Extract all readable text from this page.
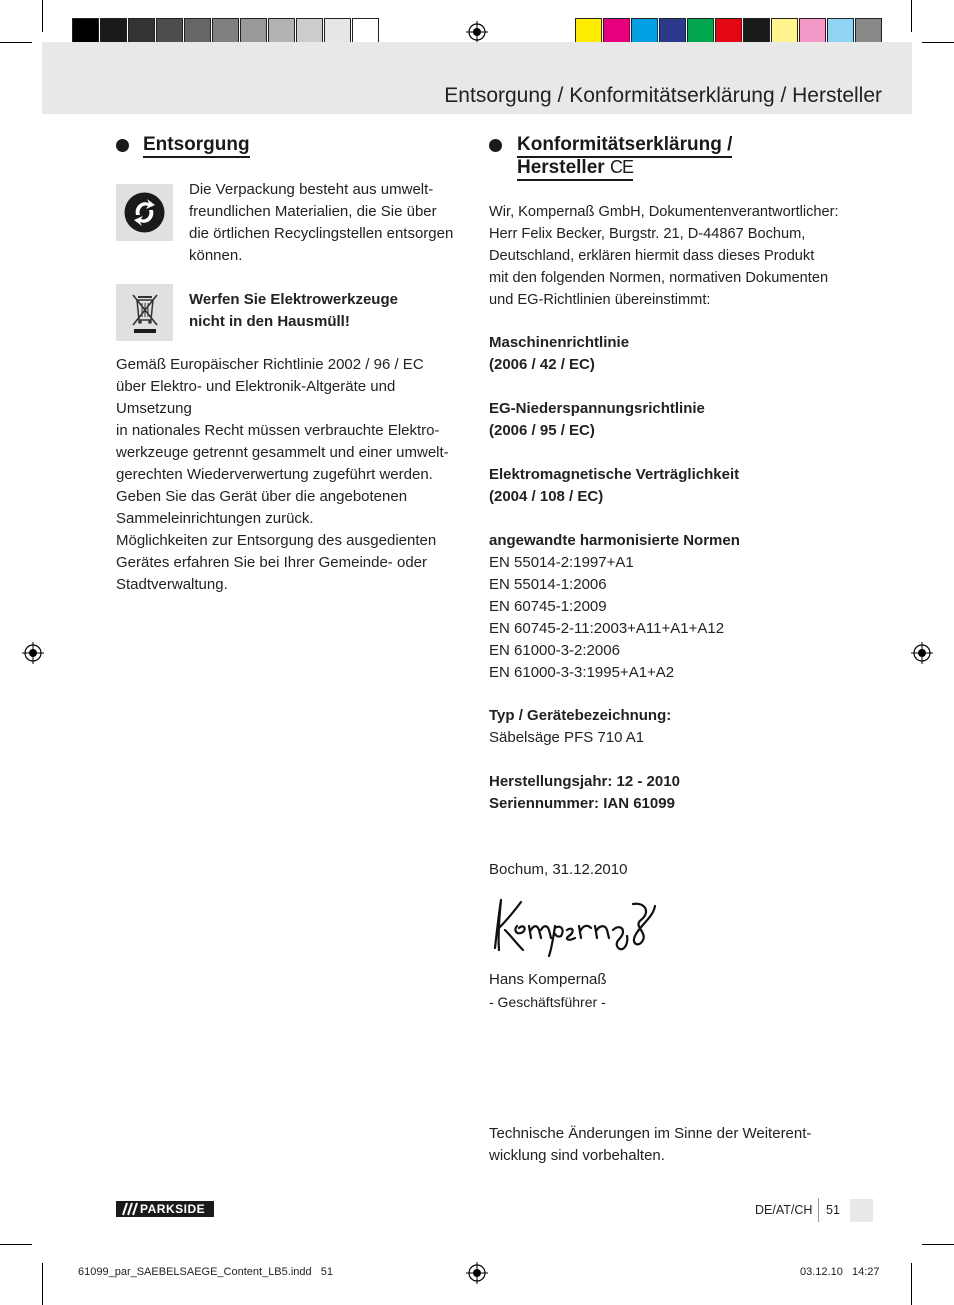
Entsorgung / Konformitätserklärung / Hersteller
Entsorgung
Die Verpackung besteht aus umwelt-
freundlichen Materialien, die Sie über
die örtlichen Recyclingstellen entsorgen
können.
Werfen Sie Elektrowerkzeuge
nicht in den Hausmüll!
Gemäß Europäischer Richtlinie 2002 / 96 / EC
über Elektro- und Elektronik-Altgeräte und Umsetzung
in nationales Recht müssen verbrauchte Elektro-
werkzeuge getrennt gesammelt und einer umwelt-
gerechten Wiederverwertung zugeführt werden.
Geben Sie das Gerät über die angebotenen
Sammeleinrichtungen zurück.
Möglichkeiten zur Entsorgung des ausgedienten
Gerätes erfahren Sie bei Ihrer Gemeinde- oder
Stadtverwaltung.
Konformitätserklärung /
Hersteller CE
Wir, Kompernaß GmbH, Dokumentenverantwortlicher:
Herr Felix Becker, Burgstr. 21, D-44867 Bochum,
Deutschland, erklären hiermit dass dieses Produkt
mit den folgenden Normen, normativen Dokumenten
und EG-Richtlinien übereinstimmt:
Maschinenrichtlinie
(2006 / 42 / EC)
EG-Niederspannungsrichtlinie
(2006 / 95 / EC)
Elektromagnetische Verträglichkeit
(2004 / 108 / EC)
angewandte harmonisierte Normen
EN 55014-2:1997+A1
EN 55014-1:2006
EN 60745-1:2009
EN 60745-2-11:2003+A11+A1+A12
EN 61000-3-2:2006
EN 61000-3-3:1995+A1+A2
Typ / Gerätebezeichnung:
Säbelsäge PFS 710 A1
Herstellungsjahr: 12 - 2010
Seriennummer: IAN 61099
Bochum, 31.12.2010
Hans Kompernaß
- Geschäftsführer -
Technische Änderungen im Sinne der Weiterent-
wicklung sind vorbehalten.
PARKSIDE	DE/AT/CH 51
61099_par_SAEBELSAEGE_Content_LB5.indd   51	03.12.10   14:27
